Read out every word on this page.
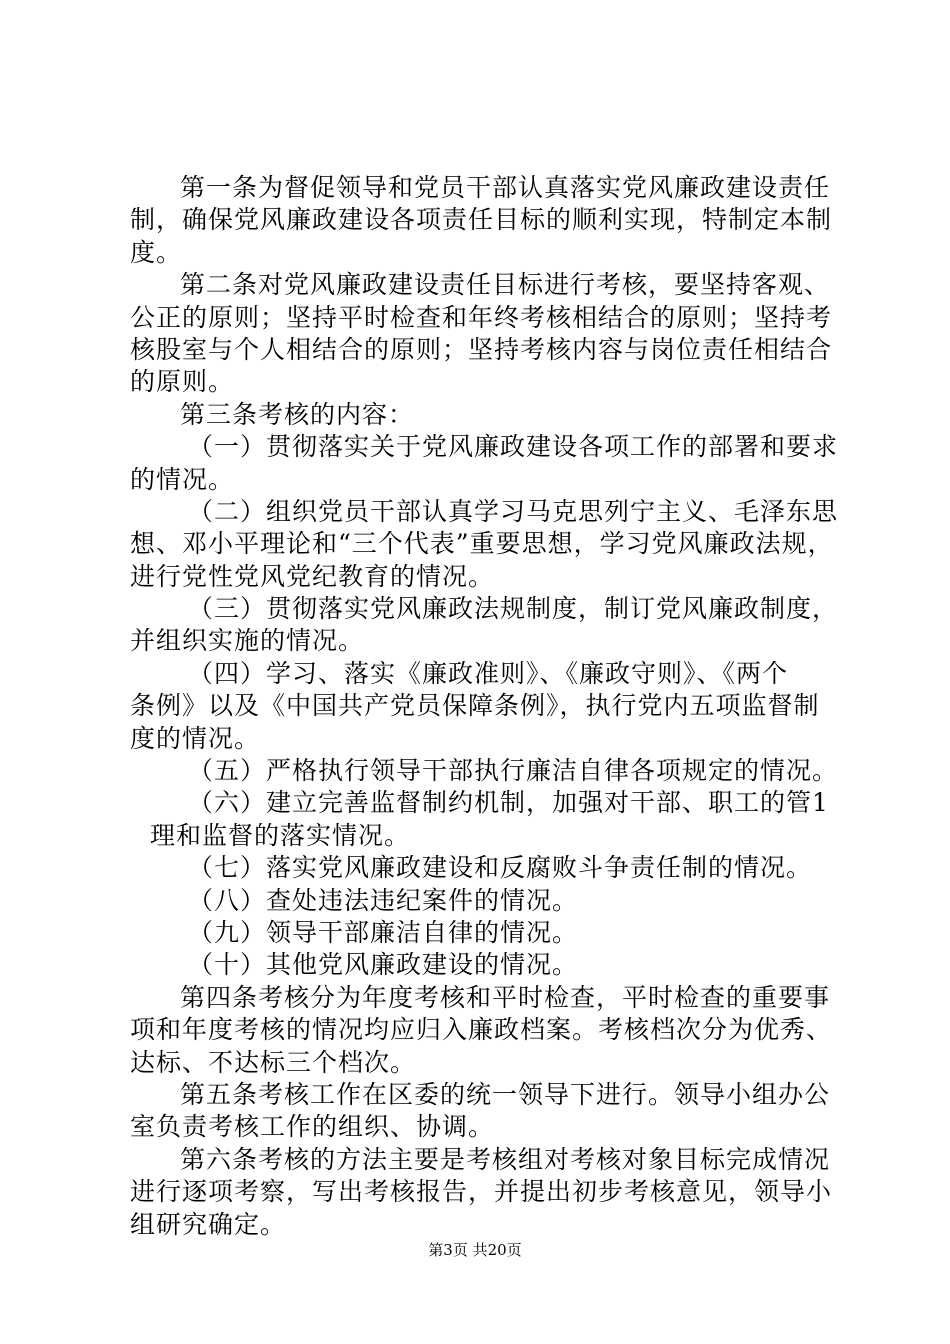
第一条为督促领导和党员干部认真落实党风廉政建设责任
制，确保党风廉政建设各项责任目标的顺利实现，特制定本制
度。
第二条对党风廉政建设责任目标进行考核，要坚持客观、
公正的原则；坚持平时检查和年终考核相结合的原则；坚持考
核股室与个人相结合的原则；坚持考核内容与岗位责任相结合
的原则。
第三条考核的内容：
（一）贯彻落实关于党风廉政建设各项工作的部署和要求
的情况。
（二）组织党员干部认真学习马克思列宁主义、毛泽东思
想、邓小平理论和“三个代表”重要思想，学习党风廉政法规，
进行党性党风党纪教育的情况。
（三）贯彻落实党风廉政法规制度，制订党风廉政制度，
并组织实施的情况。
（四）学习、落实《廉政准则》、《廉政守则》、《两个
条例》以及《中国共产党员保障条例》，执行党内五项监督制
度的情况。
（五）严格执行领导干部执行廉洁自律各项规定的情况。
（六）建立完善监督制约机制，加强对干部、职工的管1
理和监督的落实情况。
（七）落实党风廉政建设和反腐败斗争责任制的情况。
（八）查处违法违纪案件的情况。
（九）领导干部廉洁自律的情况。
（十）其他党风廉政建设的情况。
第四条考核分为年度考核和平时检查，平时检查的重要事
项和年度考核的情况均应归入廉政档案。考核档次分为优秀、
达标、不达标三个档次。
第五条考核工作在区委的统一领导下进行。领导小组办公
室负责考核工作的组织、协调。
第六条考核的方法主要是考核组对考核对象目标完成情况
进行逐项考察，写出考核报告，并提出初步考核意见，领导小
组研究确定。
第3页 共20页
